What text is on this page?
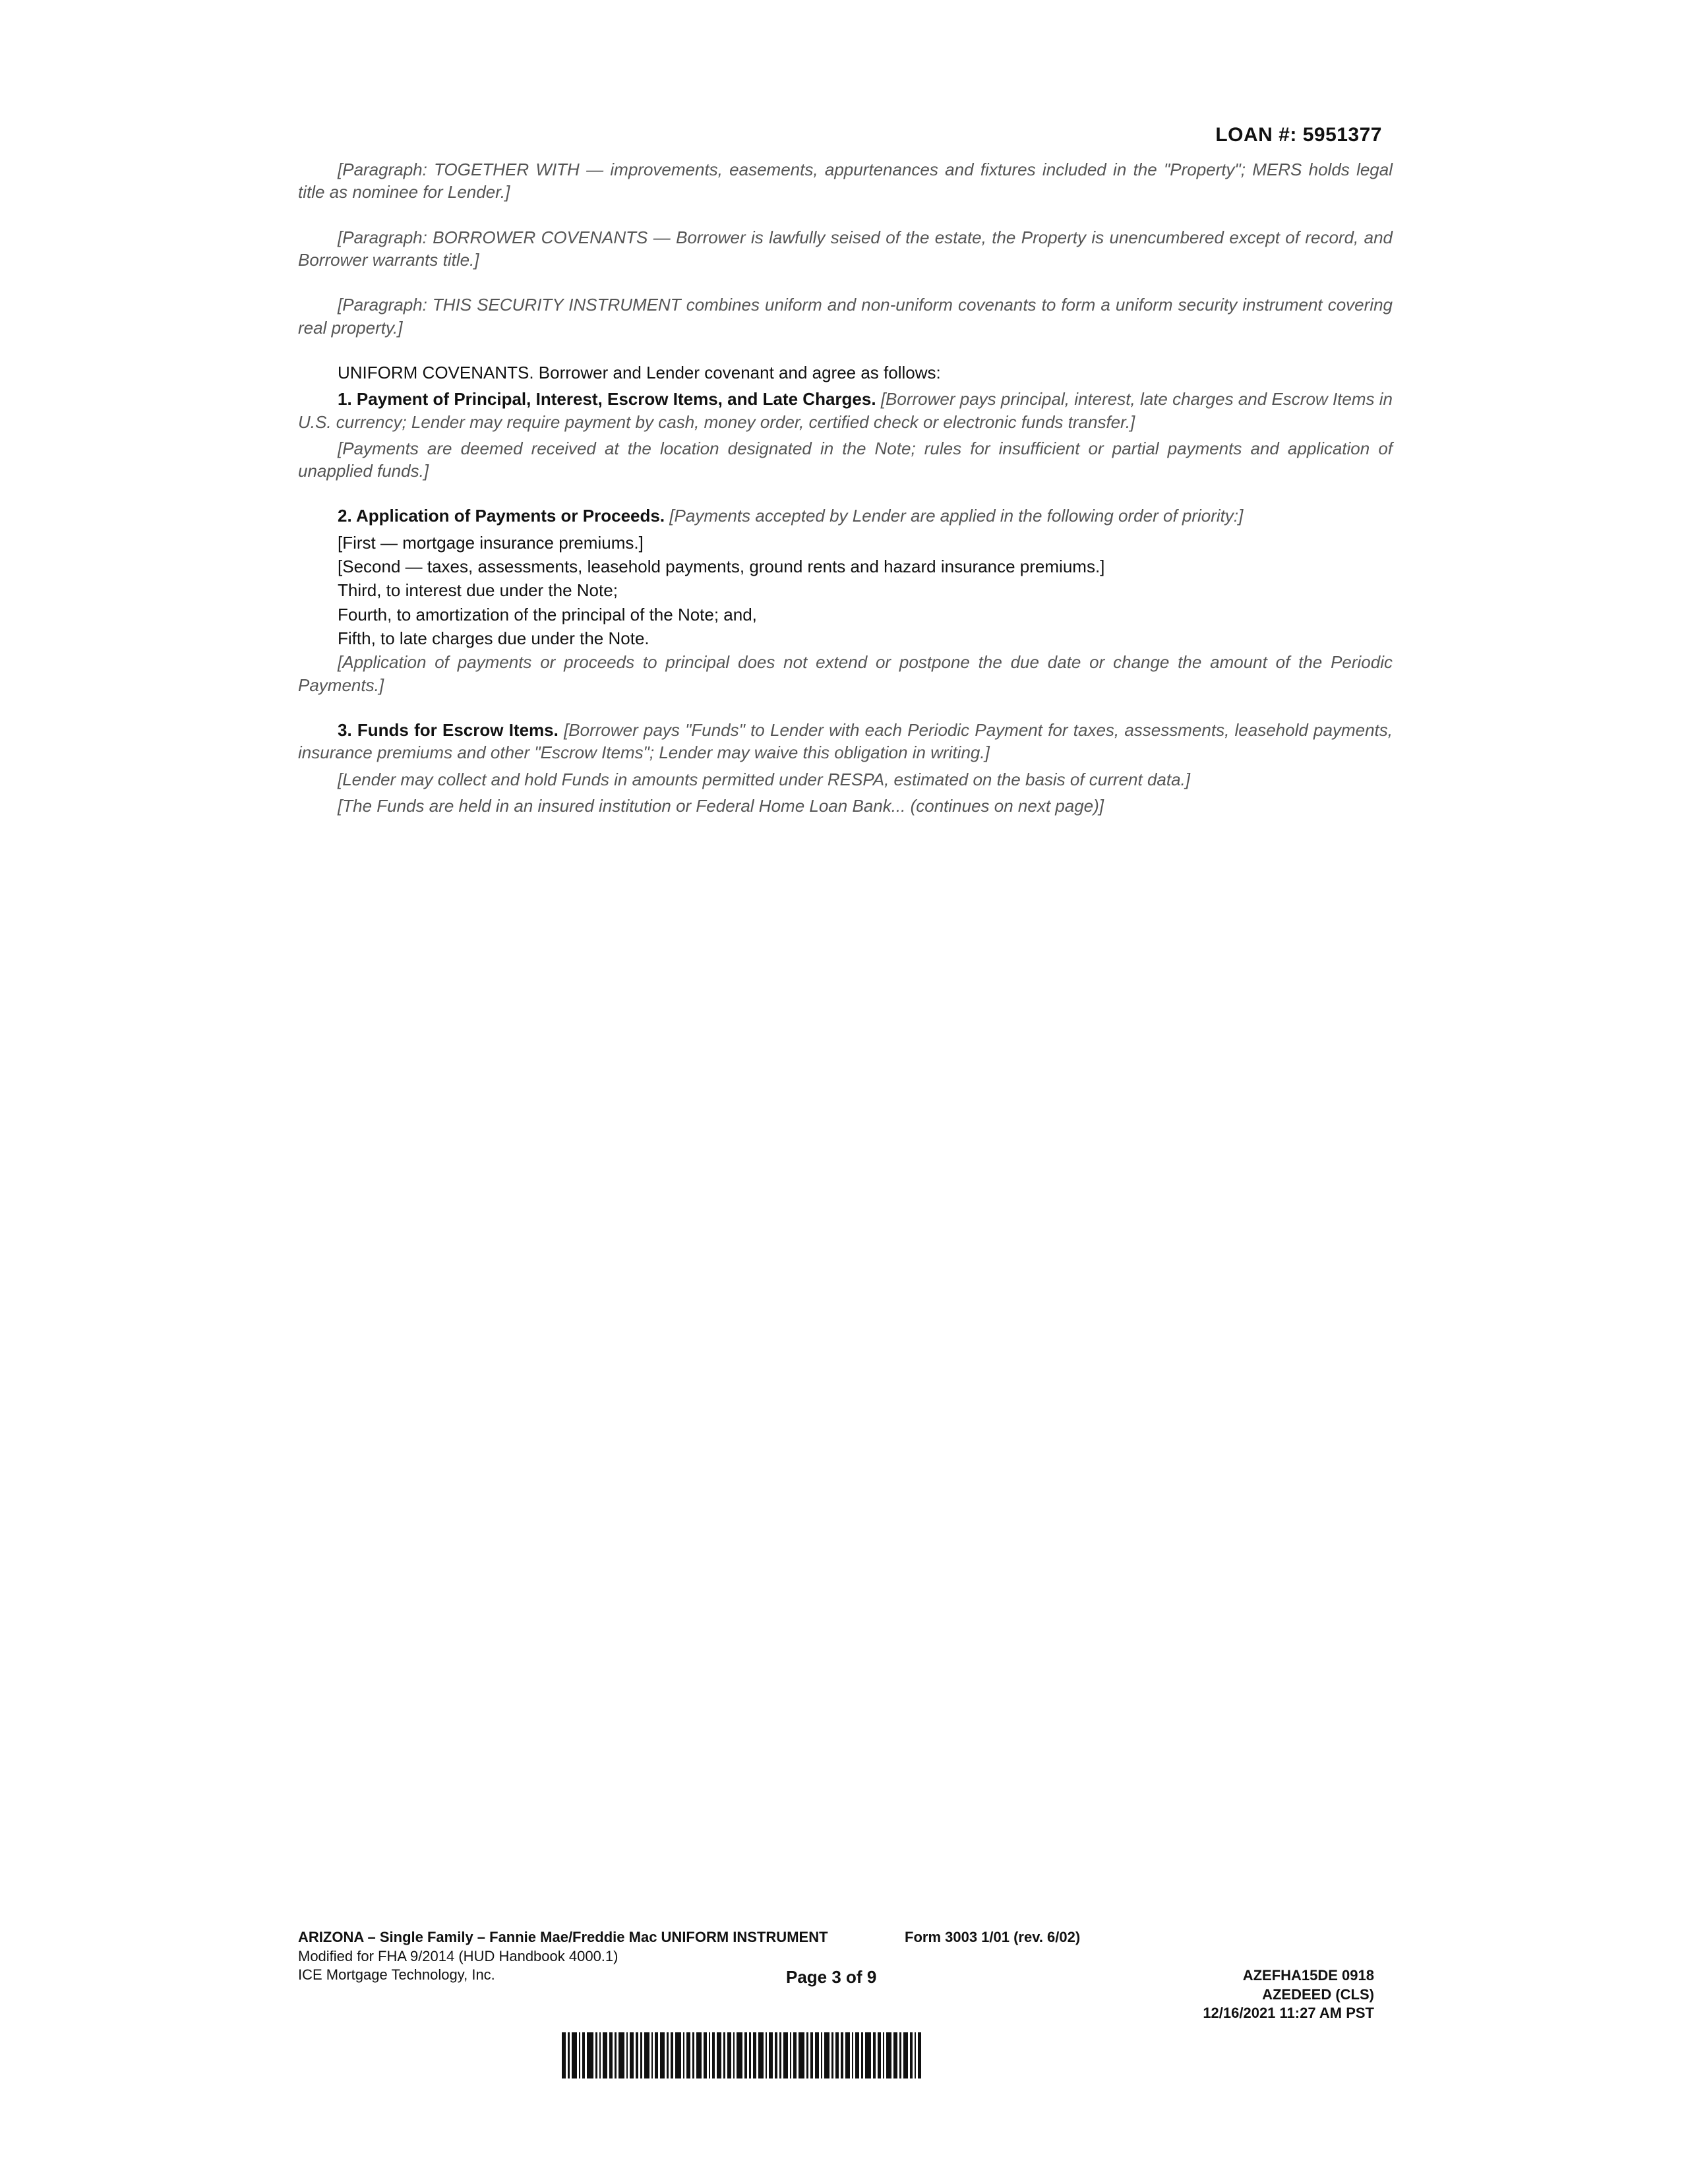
LOAN #: 5951377

[Paragraph: TOGETHER WITH — improvements, easements, appurtenances and fixtures included in the "Property"; MERS holds legal title as nominee for Lender.]

[Paragraph: BORROWER COVENANTS — Borrower is lawfully seised of the estate, the Property is unencumbered except of record, and Borrower warrants title.]

[Paragraph: THIS SECURITY INSTRUMENT combines uniform and non-uniform covenants to form a uniform security instrument covering real property.]

UNIFORM COVENANTS. Borrower and Lender covenant and agree as follows:

1. Payment of Principal, Interest, Escrow Items, and Late Charges. [Borrower pays principal, interest, late charges and Escrow Items in U.S. currency; Lender may require payment by cash, money order, certified check or electronic funds transfer.]

[Payments are deemed received at the location designated in the Note; rules for insufficient or partial payments and application of unapplied funds.]

2. Application of Payments or Proceeds. [Payments accepted by Lender are applied in the following order of priority:]

[First — mortgage insurance premiums.]

[Second — taxes, assessments, leasehold payments, ground rents and hazard insurance premiums.]

Third, to interest due under the Note;

Fourth, to amortization of the principal of the Note; and,

Fifth, to late charges due under the Note.

[Application of payments or proceeds to principal does not extend or postpone the due date or change the amount of the Periodic Payments.]

3. Funds for Escrow Items. [Borrower pays "Funds" to Lender with each Periodic Payment for taxes, assessments, leasehold payments, insurance premiums and other "Escrow Items"; Lender may waive this obligation in writing.]

[Lender may collect and hold Funds in amounts permitted under RESPA, estimated on the basis of current data.]

[The Funds are held in an insured institution or Federal Home Loan Bank... (continues on next page)]

ARIZONA – Single Family – Fannie Mae/Freddie Mac UNIFORM INSTRUMENT
Modified for FHA 9/2014 (HUD Handbook 4000.1)
ICE Mortgage Technology, Inc.
Form 3003 1/01 (rev. 6/02)
Page 3 of 9	AZEFHA15DE 0918
AZEDEED (CLS)
12/16/2021 11:27 AM PST
